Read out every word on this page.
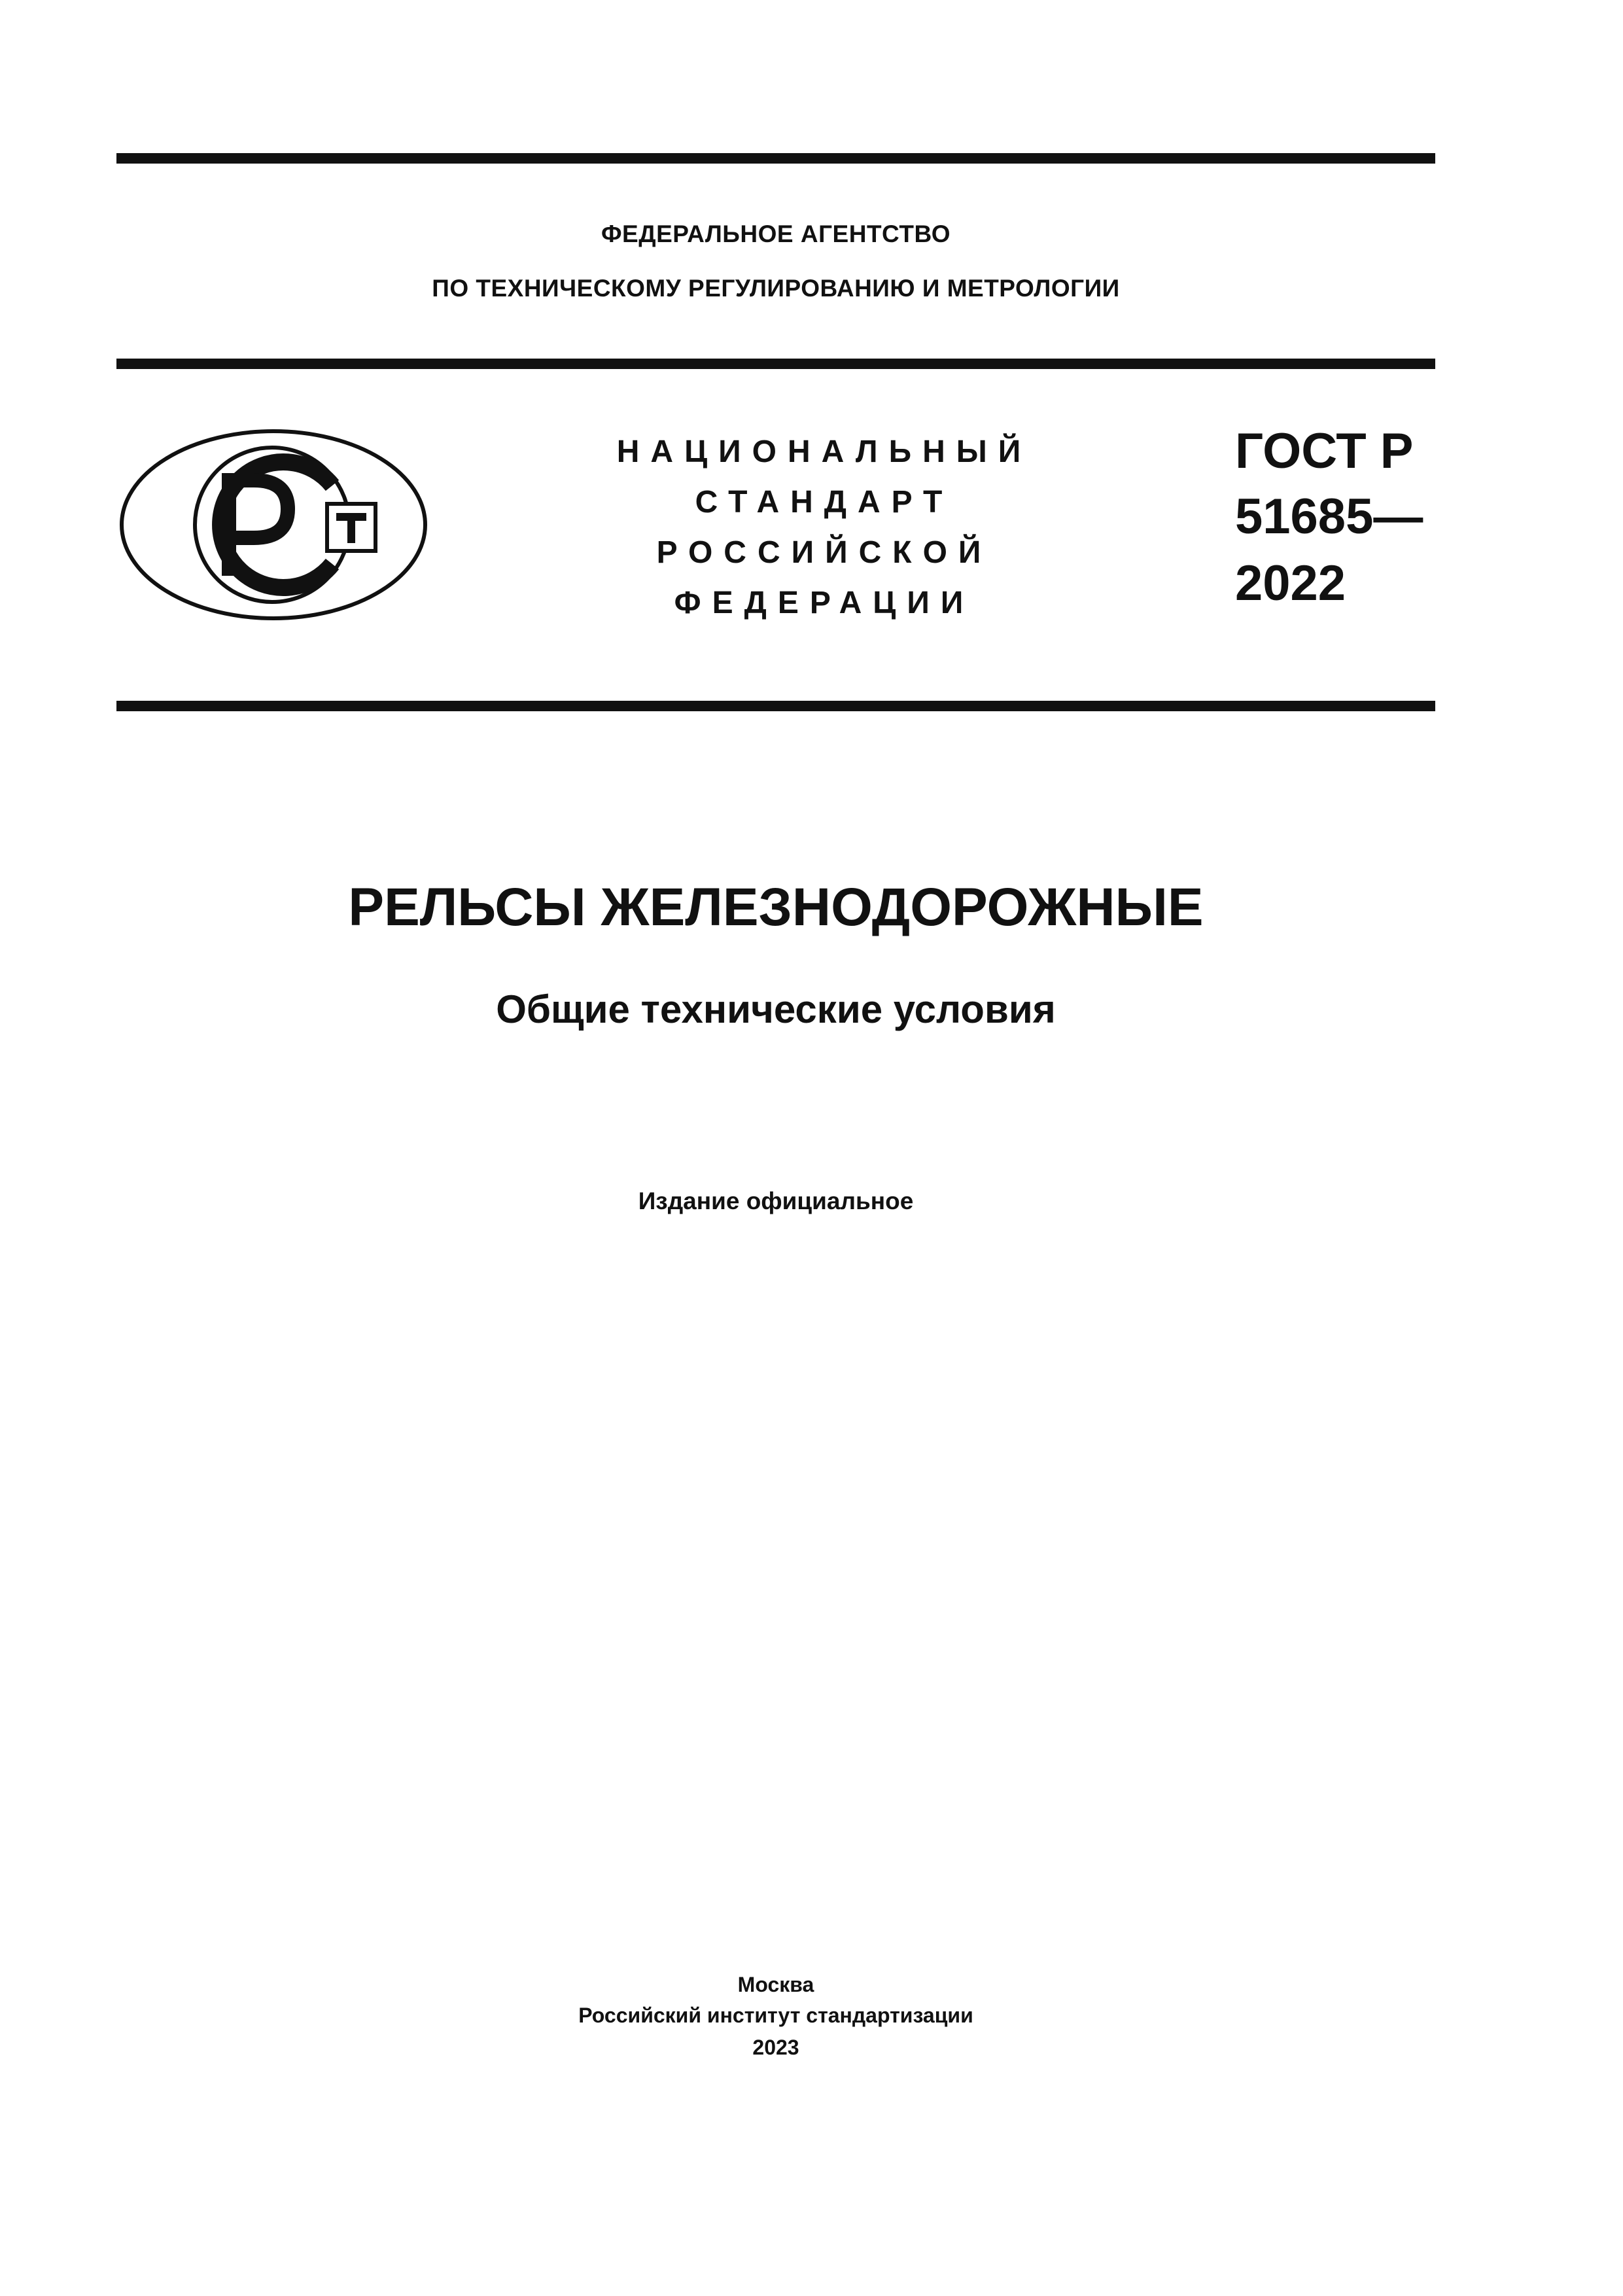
ФЕДЕРАЛЬНОЕ АГЕНТСТВО
ПО ТЕХНИЧЕСКОМУ РЕГУЛИРОВАНИЮ И МЕТРОЛОГИИ
НАЦИОНАЛЬНЫЙ
СТАНДАРТ
РОССИЙСКОЙ
ФЕДЕРАЦИИ
ГОСТ Р
51685—
2022
РЕЛЬСЫ ЖЕЛЕЗНОДОРОЖНЫЕ
Общие технические условия
Издание официальное
Москва
Российский институт стандартизации
2023
